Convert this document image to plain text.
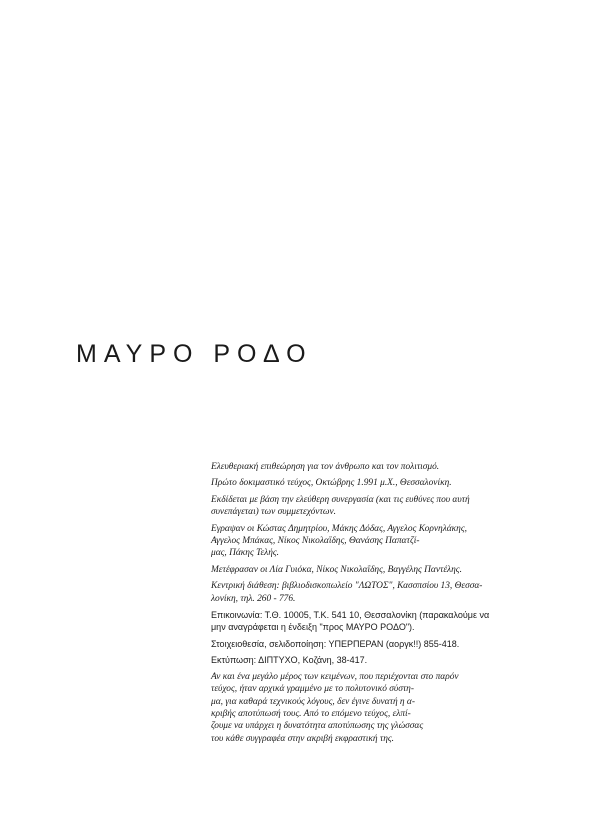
ΜΑΥΡΟ ΡΟΔΟ

Ελευθεριακή επιθεώρηση για τον άνθρωπο και τον πολιτισμό.

Πρώτο δοκιμαστικό τεύχος, Οκτώβρης 1.991 μ.Χ., Θεσσαλονίκη.

Εκδίδεται με βάση την ελεύθερη συνεργασία (και τις ευθύνες που αυτή
συνεπάγεται) των συμμετεχόντων.

Εγραψαν οι Κώστας Δημητρίου, Μάκης Δόδας, Αγγελος Κορνηλάκης,
Αγγελος Μπάκας, Νίκος Νικολαΐδης, Θανάσης Παπατζί-
μας, Πάκης Τελής.

Μετέφρασαν οι Λία Γυιόκα, Νίκος Νικολαΐδης, Βαγγέλης Παντέλης.

Κεντρική διάθεση: βιβλιοδισκοπωλείο "ΛΩΤΟΣ", Κασσπσίου 13, Θεσσα-
λονίκη, τηλ. 260 - 776.

Επικοινωνία: Τ.Θ. 10005, Τ.Κ. 541 10, Θεσσαλονίκη (παρακαλούμε να
μην αναγράφεται η ένδειξη "προς ΜΑΥΡΟ ΡΟΔΟ").

Στοιχειοθεσία, σελιδοποίηση: ΥΠΕΡΠΕΡΑΝ (αοργκ!!) 855-418.

Εκτύπωση: ΔΙΠΤΥΧΟ, Κοζάνη, 38-417.

Αν και ένα μεγάλο μέρος των κειμένων, που περιέχονται στο παρόν
τεύχος, ήταν αρχικά γραμμένο με το πολυτονικό σύστη-
μα, για καθαρά τεχνικούς λόγους, δεν έγινε δυνατή η α-
κριβής αποτύπωσή τους. Από το επόμενο τεύχος, ελπί-
ζουμε να υπάρχει η δυνατότητα αποτύπωσης της γλώσσας
του κάθε συγγραφέα στην ακριβή εκφραστική της.
